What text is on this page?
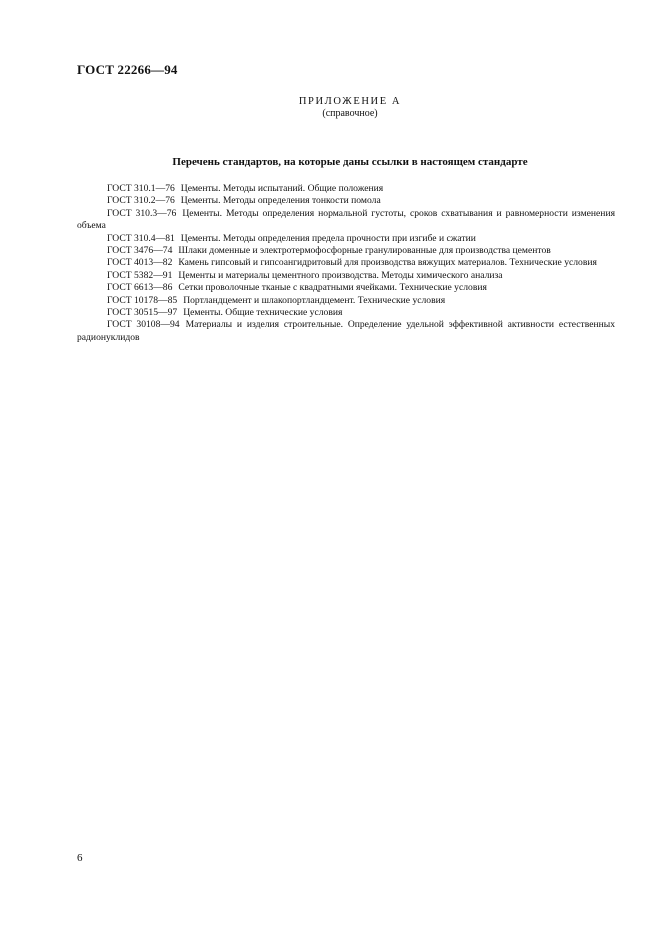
ГОСТ 22266—94
ПРИЛОЖЕНИЕ А
(справочное)
Перечень стандартов, на которые даны ссылки в настоящем стандарте

ГОСТ 310.1—76 Цементы. Методы испытаний. Общие положения

ГОСТ 310.2—76 Цементы. Методы определения тонкости помола

ГОСТ 310.3—76 Цементы. Методы определения нормальной густоты, сроков схватывания и равномерности изменения объема

ГОСТ 310.4—81 Цементы. Методы определения предела прочности при изгибе и сжатии

ГОСТ 3476—74 Шлаки доменные и электротермофосфорные гранулированные для производства цементов

ГОСТ 4013—82 Камень гипсовый и гипсоангидритовый для производства вяжущих материалов. Технические условия

ГОСТ 5382—91 Цементы и материалы цементного производства. Методы химического анализа

ГОСТ 6613—86 Сетки проволочные тканые с квадратными ячейками. Технические условия

ГОСТ 10178—85 Портландцемент и шлакопортландцемент. Технические условия

ГОСТ 30515—97 Цементы. Общие технические условия

ГОСТ 30108—94 Материалы и изделия строительные. Определение удельной эффективной активности естественных радионуклидов

6
